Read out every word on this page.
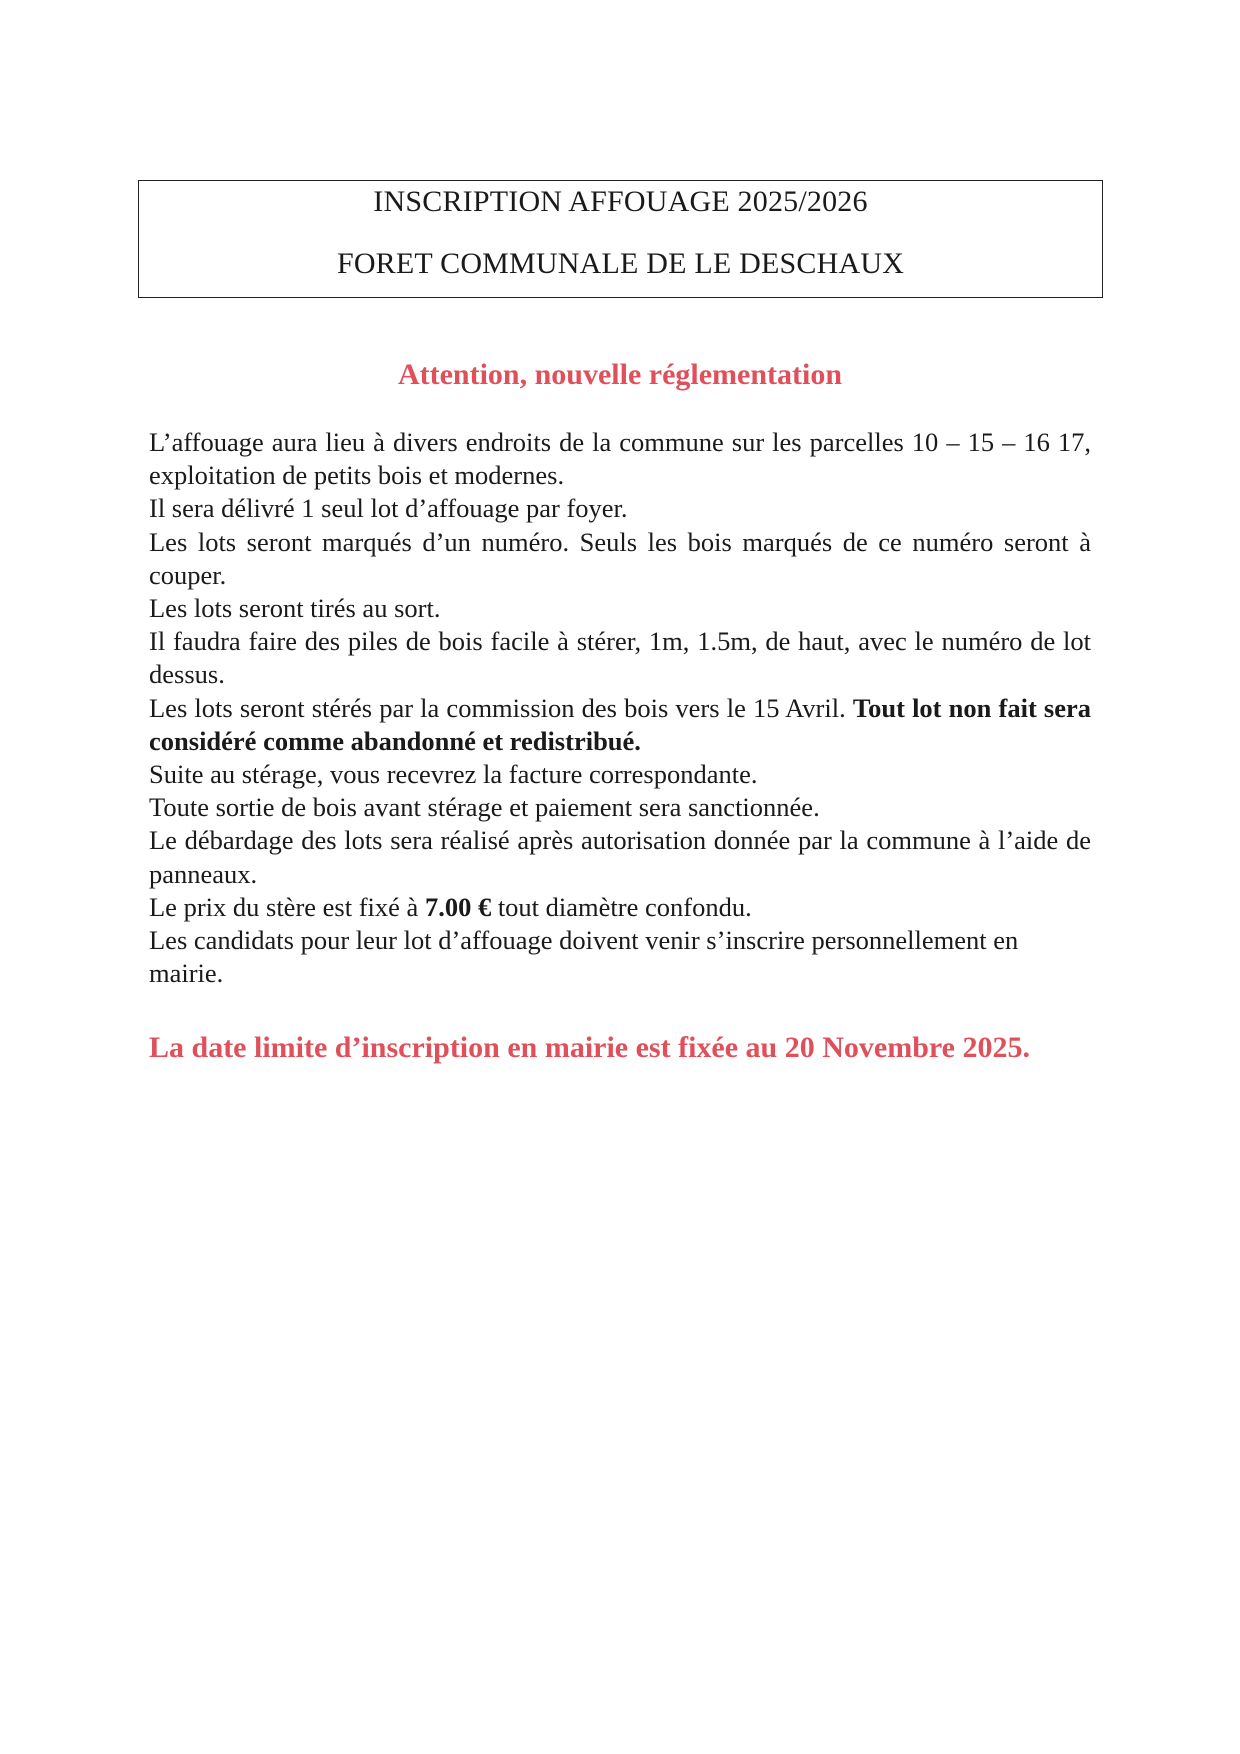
INSCRIPTION AFFOUAGE 2025/2026
FORET COMMUNALE DE LE DESCHAUX
Attention, nouvelle réglementation

L’affouage aura lieu à divers endroits de la commune sur les parcelles 10 – 15 – 16 17, exploitation de petits bois et modernes.

Il sera délivré 1 seul lot d’affouage par foyer.

Les lots seront marqués d’un numéro. Seuls les bois marqués de ce numéro seront à couper.

Les lots seront tirés au sort.

Il faudra faire des piles de bois facile à stérer, 1m, 1.5m, de haut, avec le numéro de lot dessus.

Les lots seront stérés par la commission des bois vers le 15 Avril. Tout lot non fait sera considéré comme abandonné et redistribué.

Suite au stérage, vous recevrez la facture correspondante.

Toute sortie de bois avant stérage et paiement sera sanctionnée.

Le débardage des lots sera réalisé après autorisation donnée par la commune à l’aide de panneaux.

Le prix du stère est fixé à 7.00 € tout diamètre confondu.

Les candidats pour leur lot d’affouage doivent venir s’inscrire personnellement en mairie.

La date limite d’inscription en mairie est fixée au 20 Novembre 2025.
